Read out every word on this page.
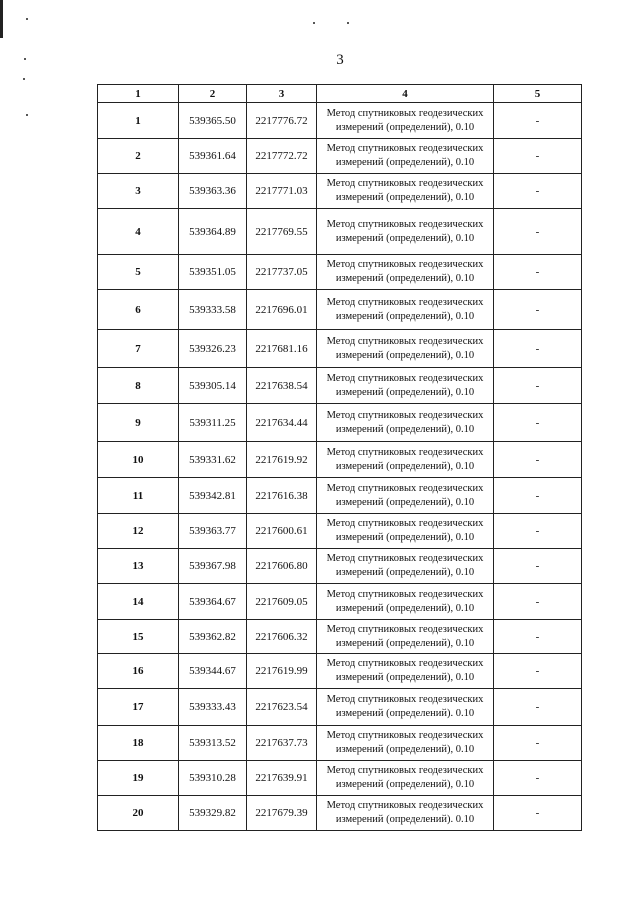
3
1	2	3	4	5
1	539365.50	2217776.72	Метод спутниковых геодезических
измерений (определений), 0.10	-
2	539361.64	2217772.72	Метод спутниковых геодезических
измерений (определений), 0.10	-
3	539363.36	2217771.03	Метод спутниковых геодезических
измерений (определений), 0.10	-
4	539364.89	2217769.55	Метод спутниковых геодезических
измерений (определений), 0.10	-
5	539351.05	2217737.05	Метод спутниковых геодезических
измерений (определений), 0.10	-
6	539333.58	2217696.01	Метод спутниковых геодезических
измерений (определений), 0.10	-
7	539326.23	2217681.16	Метод спутниковых геодезических
измерений (определений), 0.10	-
8	539305.14	2217638.54	Метод спутниковых геодезических
измерений (определений), 0.10	-
9	539311.25	2217634.44	Метод спутниковых геодезических
измерений (определений), 0.10	-
10	539331.62	2217619.92	Метод спутниковых геодезических
измерений (определений), 0.10	-
11	539342.81	2217616.38	Метод спутниковых геодезических
измерений (определений), 0.10	-
12	539363.77	2217600.61	Метод спутниковых геодезических
измерений (определений), 0.10	-
13	539367.98	2217606.80	Метод спутниковых геодезических
измерений (определений), 0.10	-
14	539364.67	2217609.05	Метод спутниковых геодезических
измерений (определений), 0.10	-
15	539362.82	2217606.32	Метод спутниковых геодезических
измерений (определений), 0.10	-
16	539344.67	2217619.99	Метод спутниковых геодезических
измерений (определений), 0.10	-
17	539333.43	2217623.54	Метод спутниковых геодезических
измерений (определений). 0.10	-
18	539313.52	2217637.73	Метод спутниковых геодезических
измерений (определений), 0.10	-
19	539310.28	2217639.91	Метод спутниковых геодезических
измерений (определений), 0.10	-
20	539329.82	2217679.39	Метод спутниковых геодезических
измерений (определений). 0.10	-
